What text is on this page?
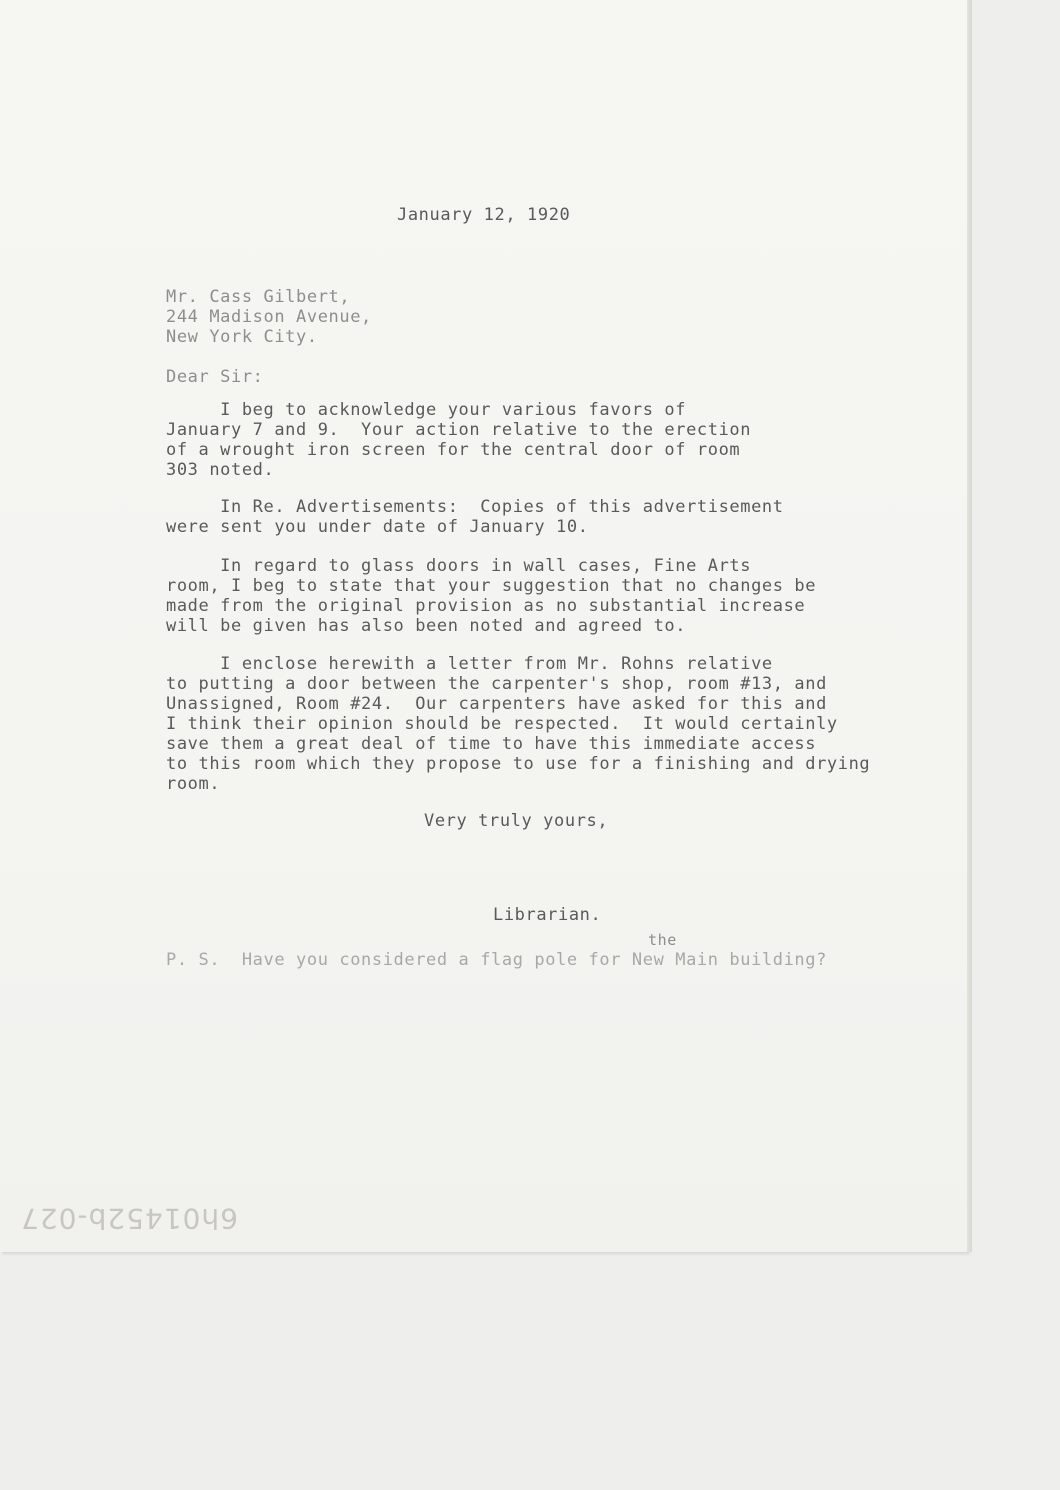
January 12, 1920
Mr. Cass Gilbert,
244 Madison Avenue,
New York City.
Dear Sir:
I beg to acknowledge your various favors of
January 7 and 9.  Your action relative to the erection
of a wrought iron screen for the central door of room
303 noted.
In Re. Advertisements:  Copies of this advertisement
were sent you under date of January 10.
In regard to glass doors in wall cases, Fine Arts
room, I beg to state that your suggestion that no changes be
made from the original provision as no substantial increase
will be given has also been noted and agreed to.
I enclose herewith a letter from Mr. Rohns relative
to putting a door between the carpenter's shop, room #13, and
Unassigned, Room #24.  Our carpenters have asked for this and
I think their opinion should be respected.  It would certainly
save them a great deal of time to have this immediate access
to this room which they propose to use for a finishing and drying
room.
Very truly yours,
Librarian.
the
P. S.  Have you considered a flag pole for New Main building?
6h01452b-027
